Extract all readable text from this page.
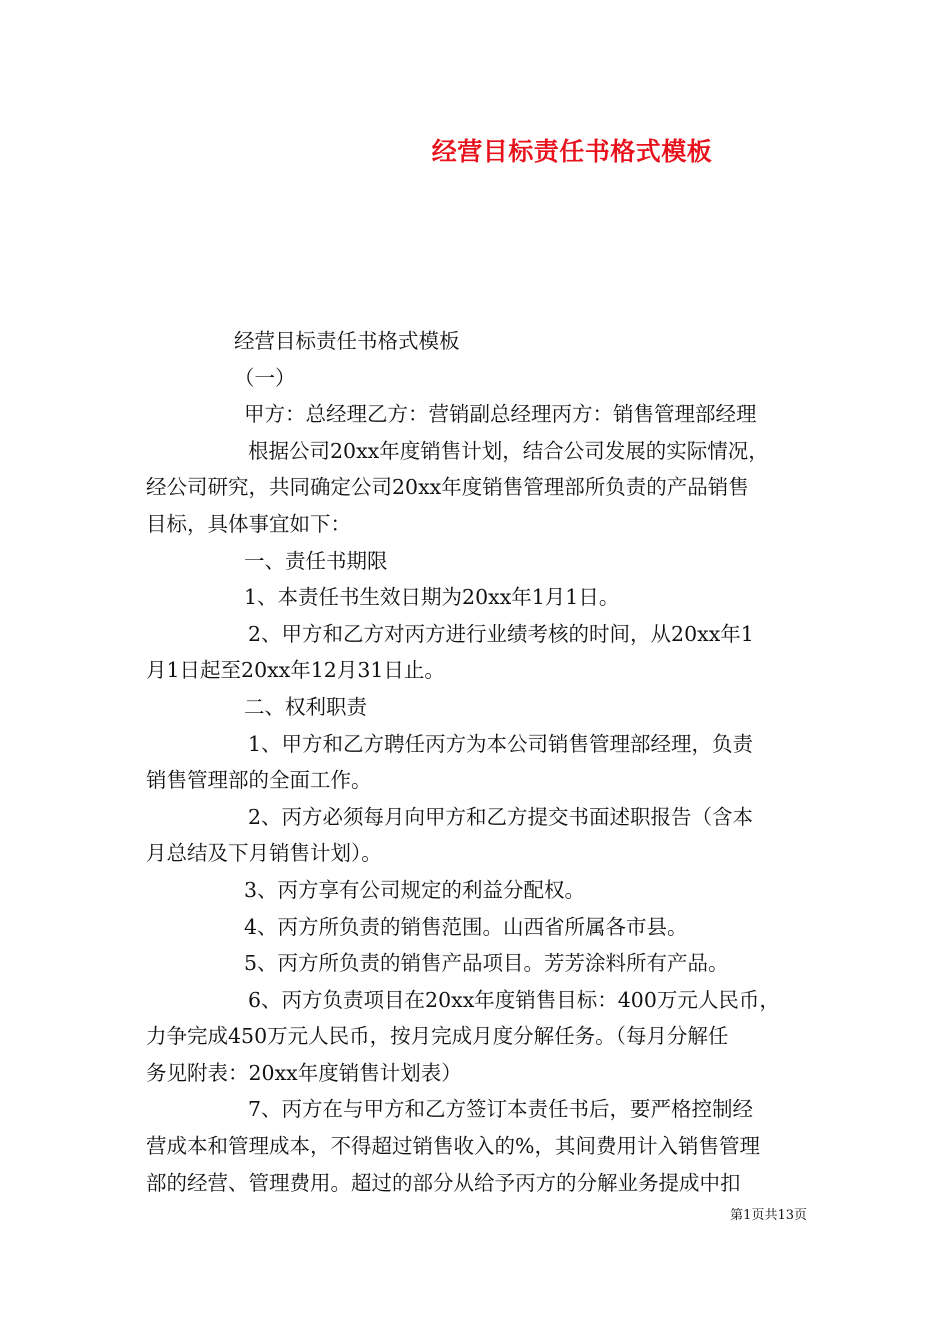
经营目标责任书格式模板
经营目标责任书格式模板
（一）
甲方：总经理乙方：营销副总经理丙方：销售管理部经理
根据公司20xx年度销售计划，结合公司发展的实际情况，
经公司研究，共同确定公司20xx年度销售管理部所负责的产品销售
目标，具体事宜如下：
一、责任书期限
1、本责任书生效日期为20xx年1月1日。
2、甲方和乙方对丙方进行业绩考核的时间，从20xx年1
月1日起至20xx年12月31日止。
二、权利职责
1、甲方和乙方聘任丙方为本公司销售管理部经理，负责
销售管理部的全面工作。
2、丙方必须每月向甲方和乙方提交书面述职报告（含本
月总结及下月销售计划）。
3、丙方享有公司规定的利益分配权。
4、丙方所负责的销售范围。山西省所属各市县。
5、丙方所负责的销售产品项目。芳芳涂料所有产品。
6、丙方负责项目在20xx年度销售目标：400万元人民币，
力争完成450万元人民币，按月完成月度分解任务。（每月分解任
务见附表：20xx年度销售计划表）
7、丙方在与甲方和乙方签订本责任书后，要严格控制经
营成本和管理成本，不得超过销售收入的%，其间费用计入销售管理
部的经营、管理费用。超过的部分从给予丙方的分解业务提成中扣
第1页共13页
